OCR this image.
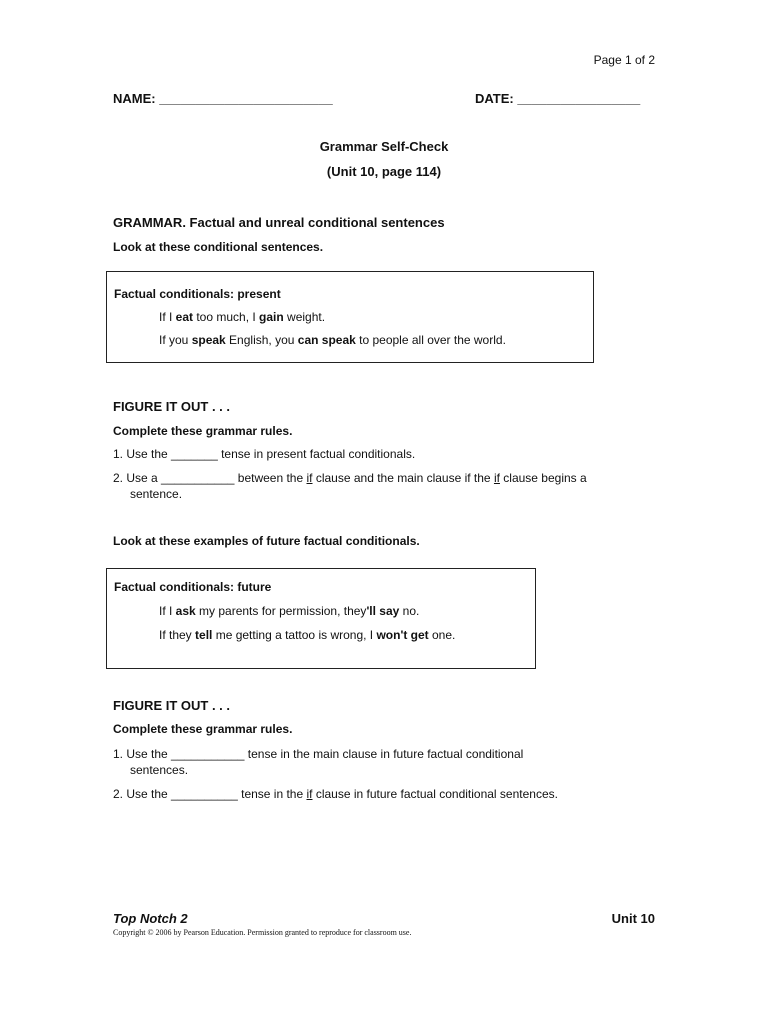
Page 1 of 2
NAME: ________________________	DATE: _________________
Grammar Self-Check
(Unit 10, page 114)
GRAMMAR. Factual and unreal conditional sentences
Look at these conditional sentences.
Factual conditionals: present
If I eat too much, I gain weight.
If you speak English, you can speak to people all over the world.
FIGURE IT OUT . . .
Complete these grammar rules.
1. Use the _______ tense in present factual conditionals.
2. Use a ___________ between the if clause and the main clause if the if clause begins a
sentence.
Look at these examples of future factual conditionals.
Factual conditionals: future
If I ask my parents for permission, they'll say no.
If they tell me getting a tattoo is wrong, I won't get one.
FIGURE IT OUT . . .
Complete these grammar rules.
1. Use the ___________ tense in the main clause in future factual conditional
sentences.
2. Use the __________ tense in the if clause in future factual conditional sentences.
Top Notch 2	Unit 10
Copyright © 2006 by Pearson Education. Permission granted to reproduce for classroom use.
